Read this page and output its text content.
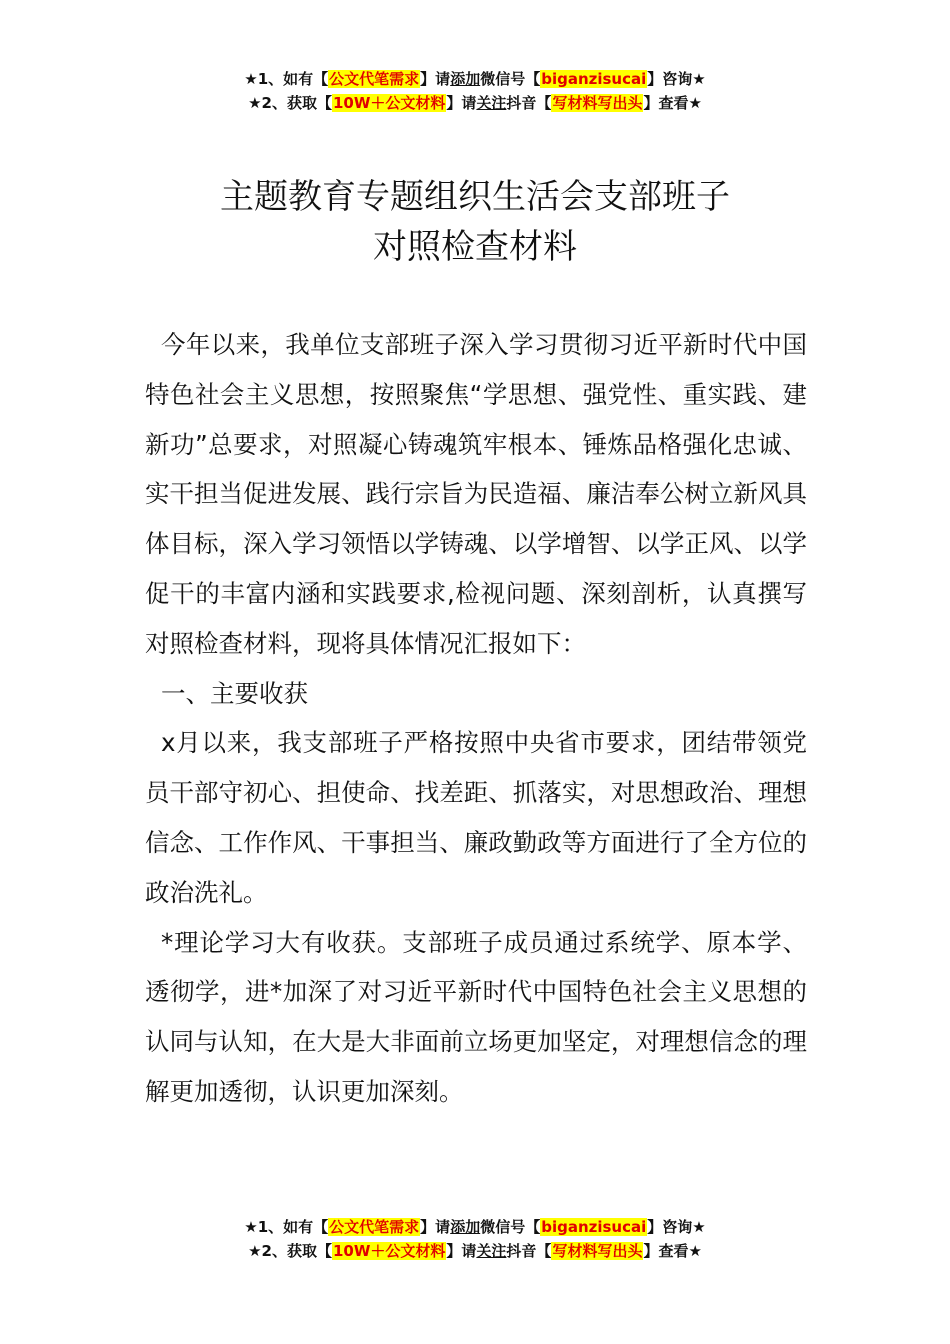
★1、如有【公文代笔需求】请添加微信号【biganzisucai】咨询★
★2、获取【10W＋公文材料】请关注抖音【写材料写出头】查看★
主题教育专题组织生活会支部班子
对照检查材料

今年以来，我单位支部班子深入学习贯彻习近平新时代中国特色社会主义思想，按照聚焦“学思想、强党性、重实践、建新功”总要求，对照凝心铸魂筑牢根本、锤炼品格强化忠诚、实干担当促进发展、践行宗旨为民造福、廉洁奉公树立新风具体目标，深入学习领悟以学铸魂、以学增智、以学正风、以学促干的丰富内涵和实践要求,检视问题、深刻剖析，认真撰写对照检查材料，现将具体情况汇报如下：

一、主要收获

x月以来，我支部班子严格按照中央省市要求，团结带领党员干部守初心、担使命、找差距、抓落实，对思想政治、理想信念、工作作风、干事担当、廉政勤政等方面进行了全方位的政治洗礼。

*理论学习大有收获。支部班子成员通过系统学、原本学、透彻学，进*加深了对习近平新时代中国特色社会主义思想的认同与认知，在大是大非面前立场更加坚定，对理想信念的理解更加透彻，认识更加深刻。

★1、如有【公文代笔需求】请添加微信号【biganzisucai】咨询★
★2、获取【10W＋公文材料】请关注抖音【写材料写出头】查看★
